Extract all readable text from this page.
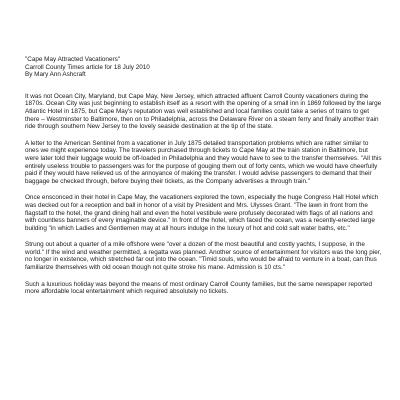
"Cape May Attracted Vacationers"
Carroll County Times article for 18 July 2010
By Mary Ann Ashcraft

It was not Ocean City, Maryland, but Cape May, New Jersey, which attracted affluent Carroll County vacationers during the 1870s. Ocean City was just beginning to establish itself as a resort with the opening of a small inn in 1869 followed by the large Atlantic Hotel in 1875, but Cape May's reputation was well established and local families could take a series of trains to get there – Westminster to Baltimore, then on to Philadelphia, across the Delaware River on a steam ferry and finally another train ride through southern New Jersey to the lovely seaside destination at the tip of the state.

A letter to the American Sentinel from a vacationer in July 1875 detailed transportation problems which are rather similar to ones we might experience today. The travelers purchased through tickets to Cape May at the train station in Baltimore, but were later told their luggage would be off-loaded in Philadelphia and they would have to see to the transfer themselves. "All this entirely useless trouble to passengers was for the purpose of gouging them out of forty cents, which we would have cheerfully paid if they would have relieved us of the annoyance of making the transfer. I would advise passengers to demand that their baggage be checked through, before buying their tickets, as the Company advertises a through train."

Once ensconced in their hotel in Cape May, the vacationers explored the town, especially the huge Congress Hall Hotel which was decked out for a reception and ball in honor of a visit by President and Mrs. Ulysses Grant. "The lawn in front from the flagstaff to the hotel, the grand dining hall and even the hotel vestibule were profusely decorated with flags of all nations and with countless banners of every imaginable device." In front of the hotel, which faced the ocean, was a recently-erected large building "in which Ladies and Gentlemen may at all hours indulge in the luxury of hot and cold salt water baths, etc."

Strung out about a quarter of a mile offshore were "over a dozen of the most beautiful and costly yachts, I suppose, in the world." If the wind and weather permitted, a regatta was planned. Another source of entertainment for visitors was the long pier, no longer in existence, which stretched far out into the ocean. "Timid souls, who would be afraid to venture in a boat, can thus familiarize themselves with old ocean though not quite stroke his mane. Admission is 10 cts."

Such a luxurious holiday was beyond the means of most ordinary Carroll County families, but the same newspaper reported more affordable local entertainment which required absolutely no tickets.
